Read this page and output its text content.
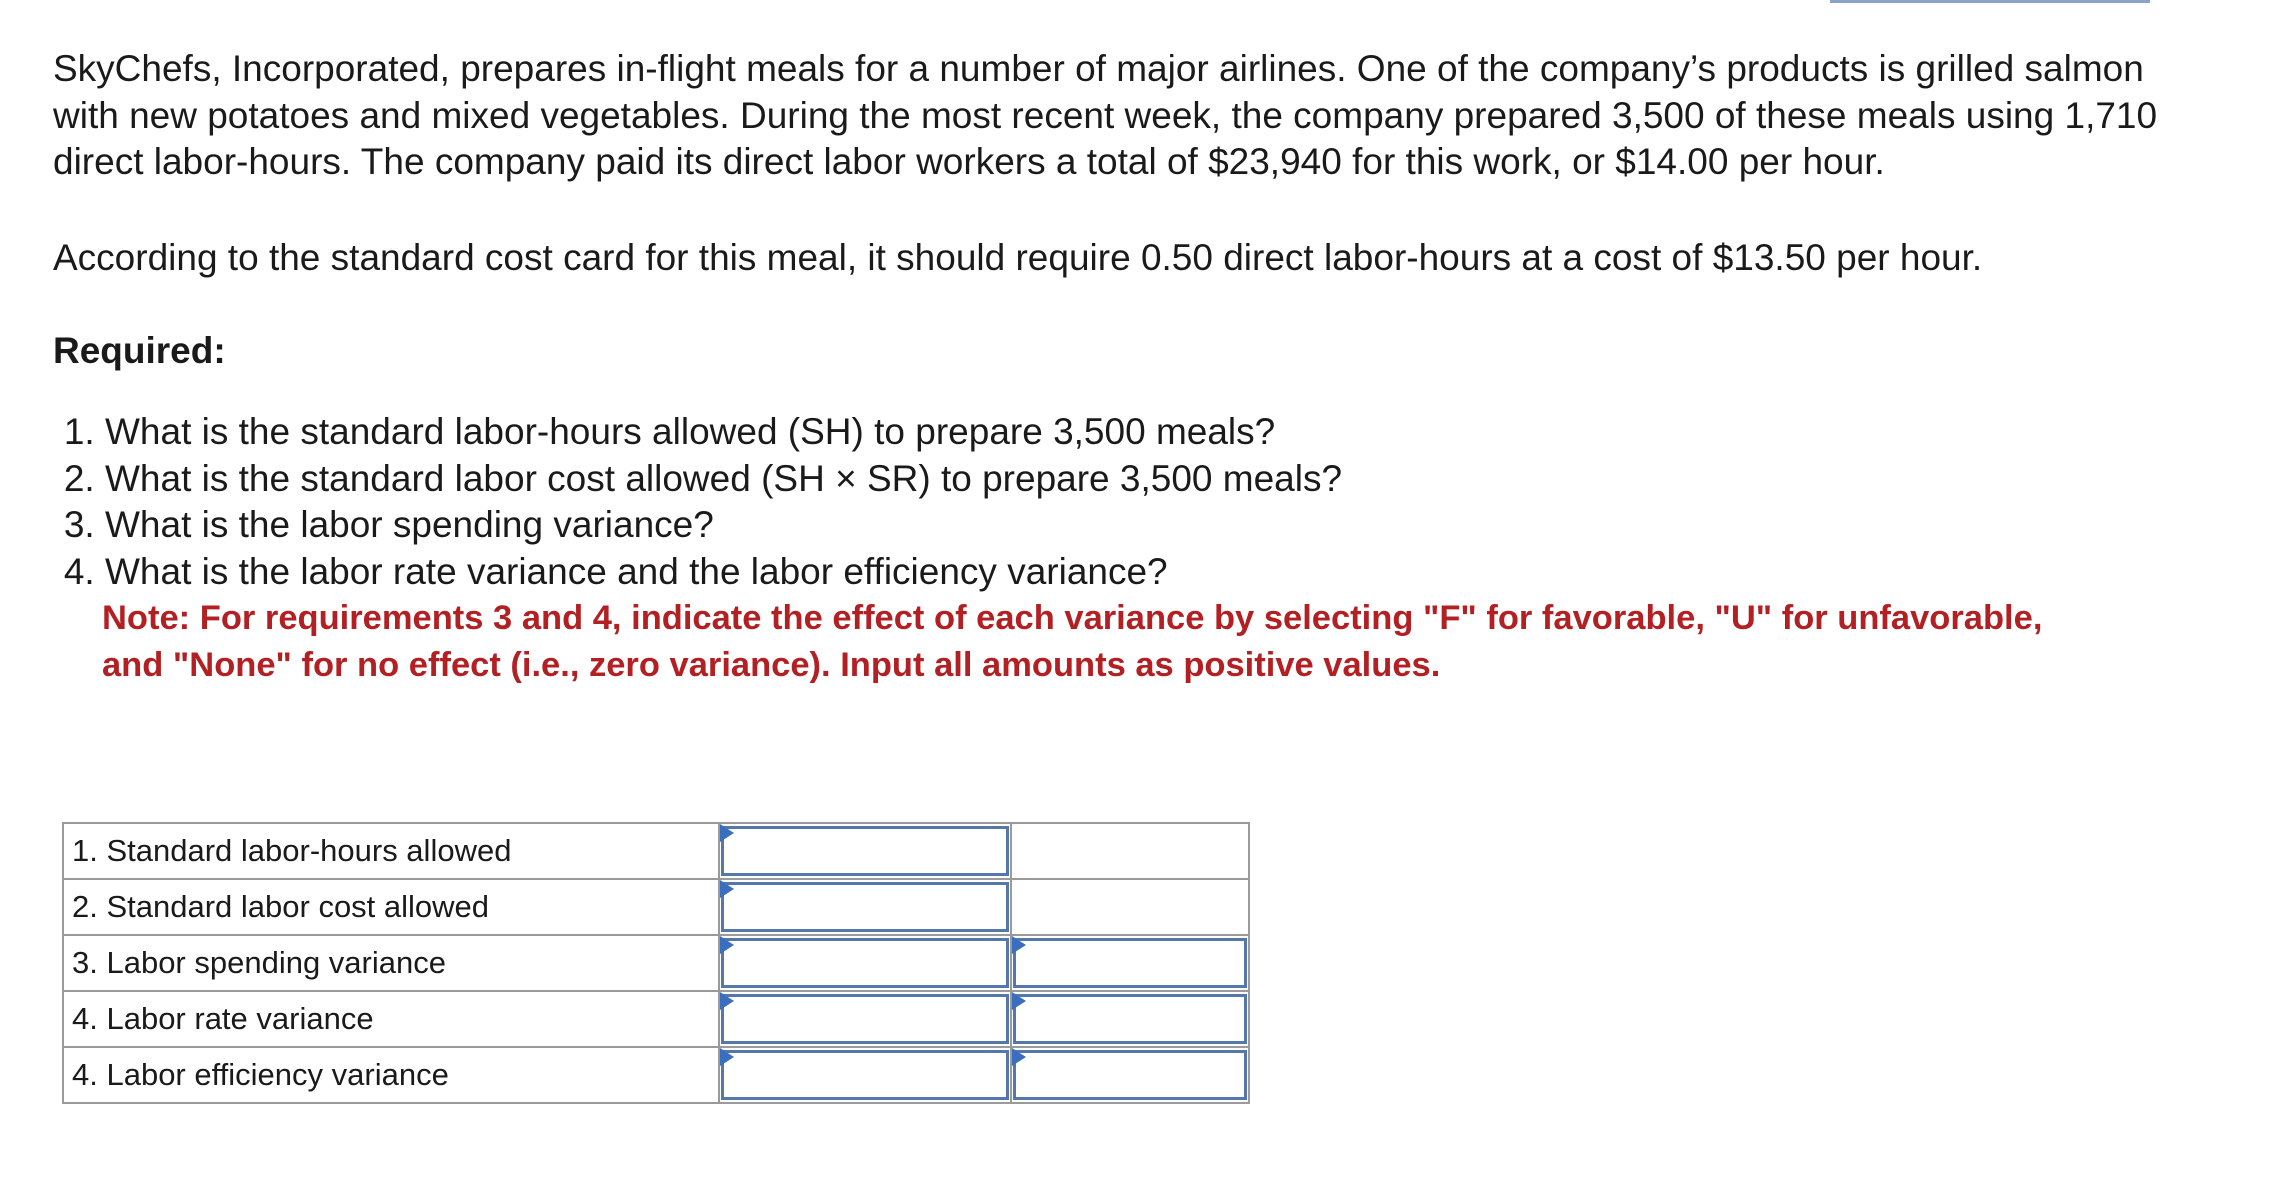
SkyChefs, Incorporated, prepares in-flight meals for a number of major airlines. One of the company’s products is grilled salmon with new potatoes and mixed vegetables. During the most recent week, the company prepared 3,500 of these meals using 1,710 direct labor-hours. The company paid its direct labor workers a total of $23,940 for this work, or $14.00 per hour.

According to the standard cost card for this meal, it should require 0.50 direct labor-hours at a cost of $13.50 per hour.

Required:

1. What is the standard labor-hours allowed (SH) to prepare 3,500 meals?
2. What is the standard labor cost allowed (SH × SR) to prepare 3,500 meals?
3. What is the labor spending variance?
4. What is the labor rate variance and the labor efficiency variance?

Note: For requirements 3 and 4, indicate the effect of each variance by selecting "F" for favorable, "U" for unfavorable, and "None" for no effect (i.e., zero variance). Input all amounts as positive values.

1. Standard labor-hours allowed	

2. Standard labor cost allowed	

3. Labor spending variance	

4. Labor rate variance	

4. Labor efficiency variance	
